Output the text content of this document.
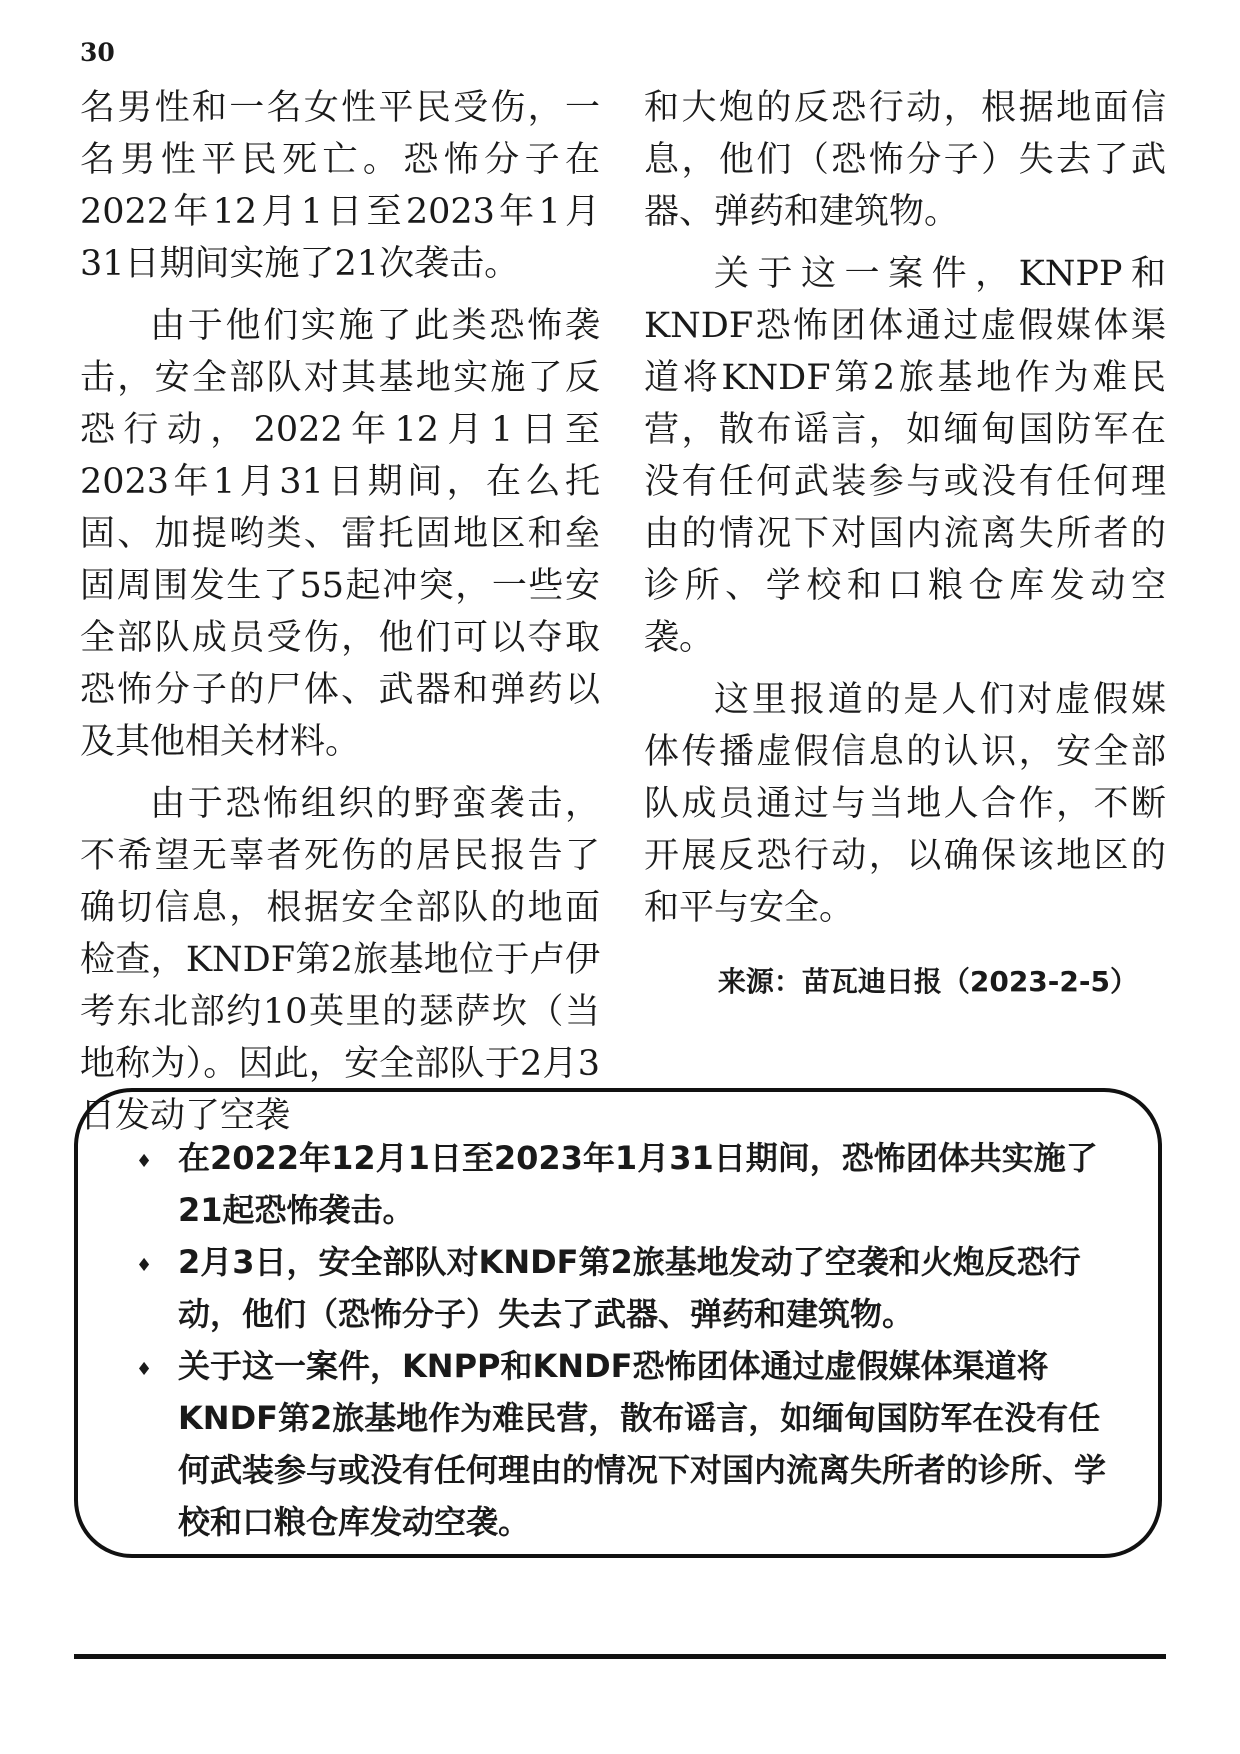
30

名男性和一名女性平民受伤，一名男性平民死亡。恐怖分子在2022年12月1日至2023年1月31日期间实施了21次袭击。

由于他们实施了此类恐怖袭击，安全部队对其基地实施了反恐行动，2022年12月1日至2023年1月31日期间，在么托固、加提哟类、雷托固地区和垒固周围发生了55起冲突，一些安全部队成员受伤，他们可以夺取恐怖分子的尸体、武器和弹药以及其他相关材料。

由于恐怖组织的野蛮袭击，不希望无辜者死伤的居民报告了确切信息，根据安全部队的地面检查，KNDF第2旅基地位于卢伊考东北部约10英里的瑟萨坎（当地称为）。因此，安全部队于2月3日发动了空袭

和大炮的反恐行动，根据地面信息，他们（恐怖分子）失去了武器、弹药和建筑物。

关于这一案件，KNPP和KNDF恐怖团体通过虚假媒体渠道将KNDF第2旅基地作为难民营，散布谣言，如缅甸国防军在没有任何武装参与或没有任何理由的情况下对国内流离失所者的诊所、学校和口粮仓库发动空袭。

这里报道的是人们对虚假媒体传播虚假信息的认识，安全部队成员通过与当地人合作，不断开展反恐行动，以确保该地区的和平与安全。

来源：苗瓦迪日报（2023-2-5）

♦ 在2022年12月1日至2023年1月31日期间，恐怖团体共实施了21起恐怖袭击。
♦ 2月3日，安全部队对KNDF第2旅基地发动了空袭和火炮反恐行动，他们（恐怖分子）失去了武器、弹药和建筑物。
♦ 关于这一案件，KNPP和KNDF恐怖团体通过虚假媒体渠道将KNDF第2旅基地作为难民营，散布谣言，如缅甸国防军在没有任何武装参与或没有任何理由的情况下对国内流离失所者的诊所、学校和口粮仓库发动空袭。
